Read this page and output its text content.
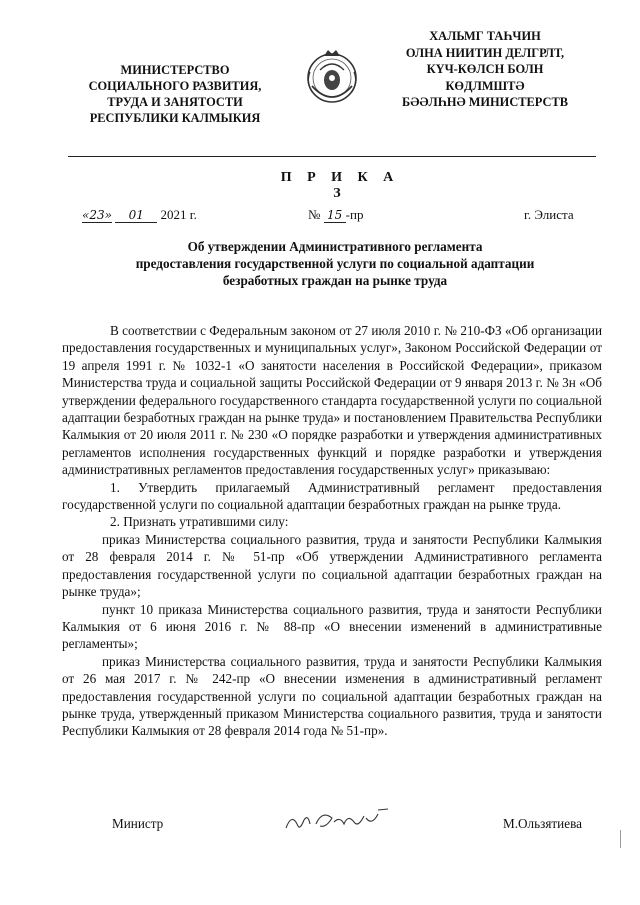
МИНИСТЕРСТВО
СОЦИАЛЬНОГО РАЗВИТИЯ,
ТРУДА И ЗАНЯТОСТИ
РЕСПУБЛИКИ КАЛМЫКИЯ
ХАЛЬМГ ТАҺЧИН
ОЛНА НИИТИН ДЕЛГРЛТ,
КҮЧ-КӨЛСН БОЛН
КӨДЛМШТӘ
БӘӘЛҺНӘ МИНИСТЕРСТВ
П Р И К А З
«23» 01 2021 г.	№ 15 -пр	г. Элиста
Об утверждении Административного регламента
предоставления государственной услуги по социальной адаптации
безработных граждан на рынке труда

В соответствии с Федеральным законом от 27 июля 2010 г. № 210-ФЗ «Об организации предоставления государственных и муниципальных услуг», Законом Российской Федерации от 19 апреля 1991 г. № 1032-1 «О занятости населения в Российской Федерации», приказом Министерства труда и социальной защиты Российской Федерации от 9 января 2013 г. № 3н «Об утверждении федерального государственного стандарта государственной услуги по социальной адаптации безработных граждан на рынке труда» и постановлением Правительства Республики Калмыкия от 20 июля 2011 г. № 230 «О порядке разработки и утверждения административных регламентов исполнения государственных функций и порядке разработки и утверждения административных регламентов предоставления государственных услуг» приказываю:

1. Утвердить прилагаемый Административный регламент предоставления государственной услуги по социальной адаптации безработных граждан на рынке труда.

2. Признать утратившими силу:

приказ Министерства социального развития, труда и занятости Республики Калмыкия от 28 февраля 2014 г. № 51-пр «Об утверждении Административного регламента предоставления государственной услуги по социальной адаптации безработных граждан на рынке труда»;

пункт 10 приказа Министерства социального развития, труда и занятости Республики Калмыкия от 6 июня 2016 г. № 88-пр «О внесении изменений в административные регламенты»;

приказ Министерства социального развития, труда и занятости Республики Калмыкия от 26 мая 2017 г. № 242-пр «О внесении изменения в административный регламент предоставления государственной услуги по социальной адаптации безработных граждан на рынке труда, утвержденный приказом Министерства социального развития, труда и занятости Республики Калмыкия от 28 февраля 2014 года № 51-пр».

Министр	М.Ользятиева
